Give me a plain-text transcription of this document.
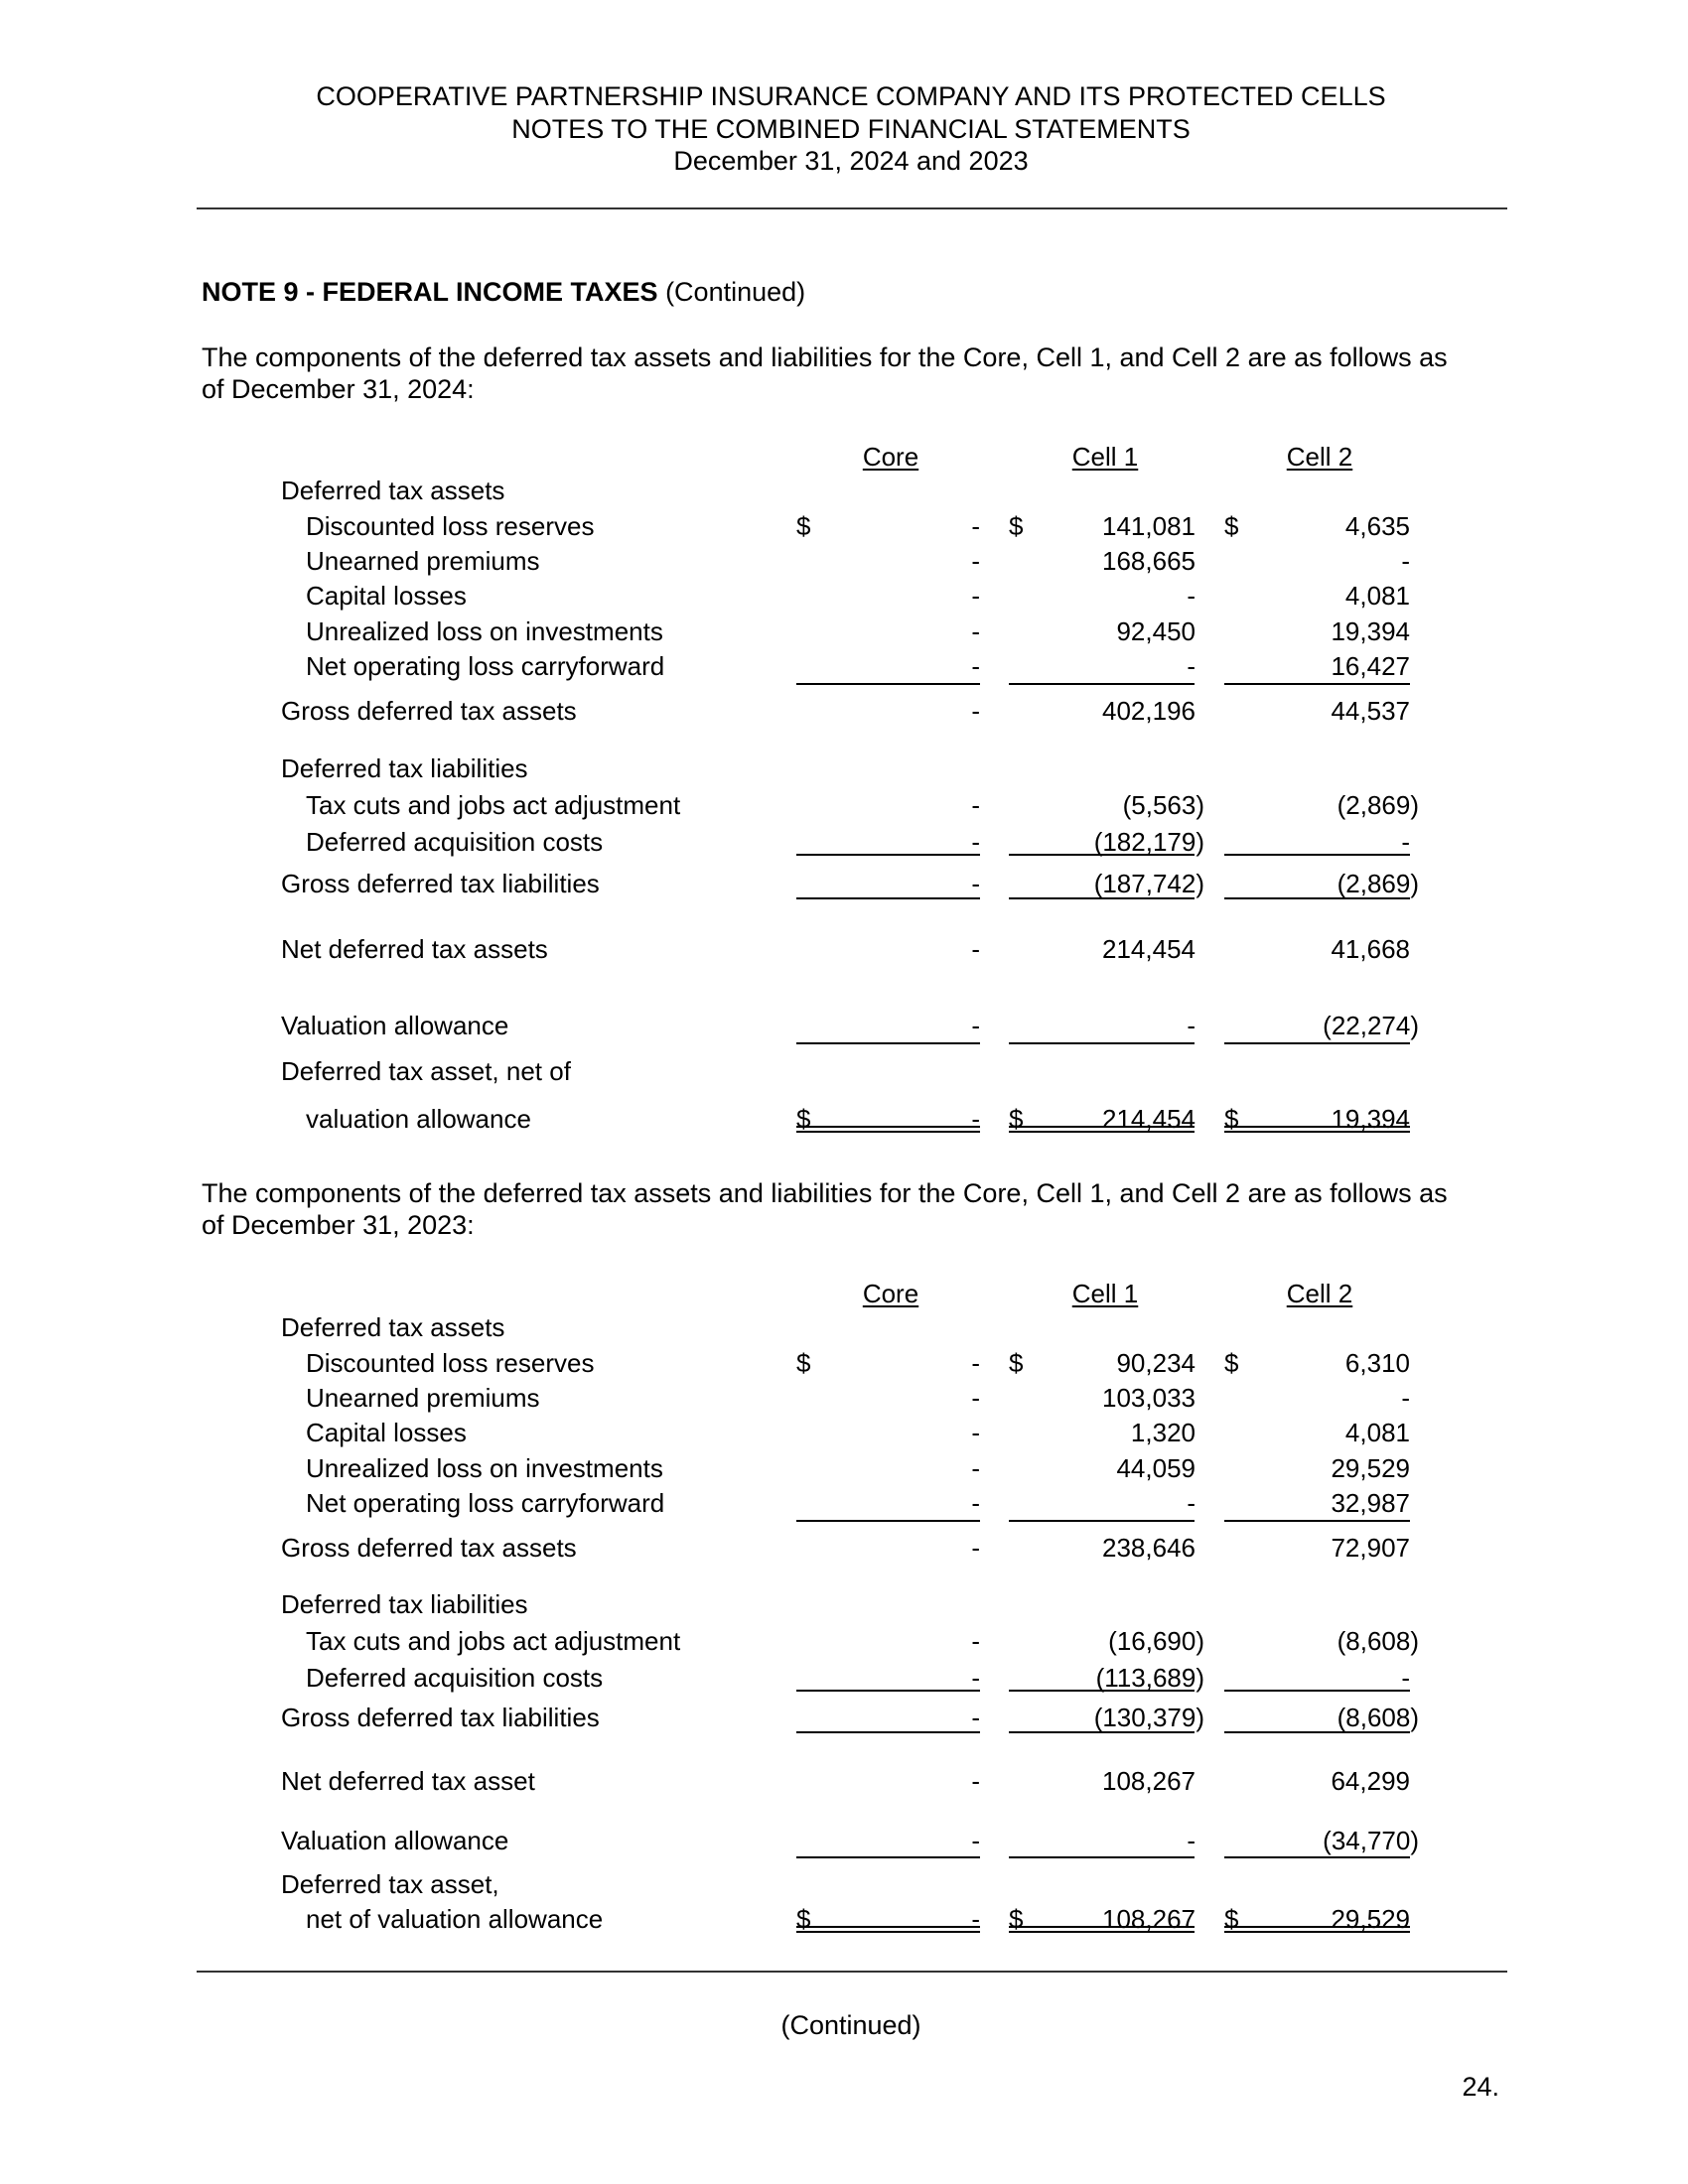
COOPERATIVE PARTNERSHIP INSURANCE COMPANY AND ITS PROTECTED CELLS
NOTES TO THE COMBINED FINANCIAL STATEMENTS
December 31, 2024 and 2023
NOTE 9 - FEDERAL INCOME TAXES (Continued)
The components of the deferred tax assets and liabilities for the Core, Cell 1, and Cell 2 are as follows as
of December 31, 2024:
Core	Cell 1	Cell 2
Deferred tax assets
Discounted loss reserves	$	- $	141,081 $	4,635
Unearned premiums	-	168,665	-
Capital losses	-	-	4,081
Unrealized loss on investments	-	92,450	19,394
Net operating loss carryforward	-	-	16,427
Gross deferred tax assets	-	402,196	44,537
Deferred tax liabilities
Tax cuts and jobs act adjustment	-	(5,563)	(2,869)
Deferred acquisition costs	-	(182,179)	-
Gross deferred tax liabilities	-	(187,742)	(2,869)
Net deferred tax assets	-	214,454	41,668
Valuation allowance	-	-	(22,274)
Deferred tax asset, net of
valuation allowance	$	- $	214,454 $	19,394
The components of the deferred tax assets and liabilities for the Core, Cell 1, and Cell 2 are as follows as
of December 31, 2023:
Core	Cell 1	Cell 2
Deferred tax assets
Discounted loss reserves	$	- $	90,234 $	6,310
Unearned premiums	-	103,033	-
Capital losses	-	1,320	4,081
Unrealized loss on investments	-	44,059	29,529
Net operating loss carryforward	-	-	32,987
Gross deferred tax assets	-	238,646	72,907
Deferred tax liabilities
Tax cuts and jobs act adjustment	-	(16,690)	(8,608)
Deferred acquisition costs	-	(113,689)	-
Gross deferred tax liabilities	-	(130,379)	(8,608)
Net deferred tax asset	-	108,267	64,299
Valuation allowance	-	-	(34,770)
Deferred tax asset,
net of valuation allowance	$	- $	108,267 $	29,529
(Continued)
24.
